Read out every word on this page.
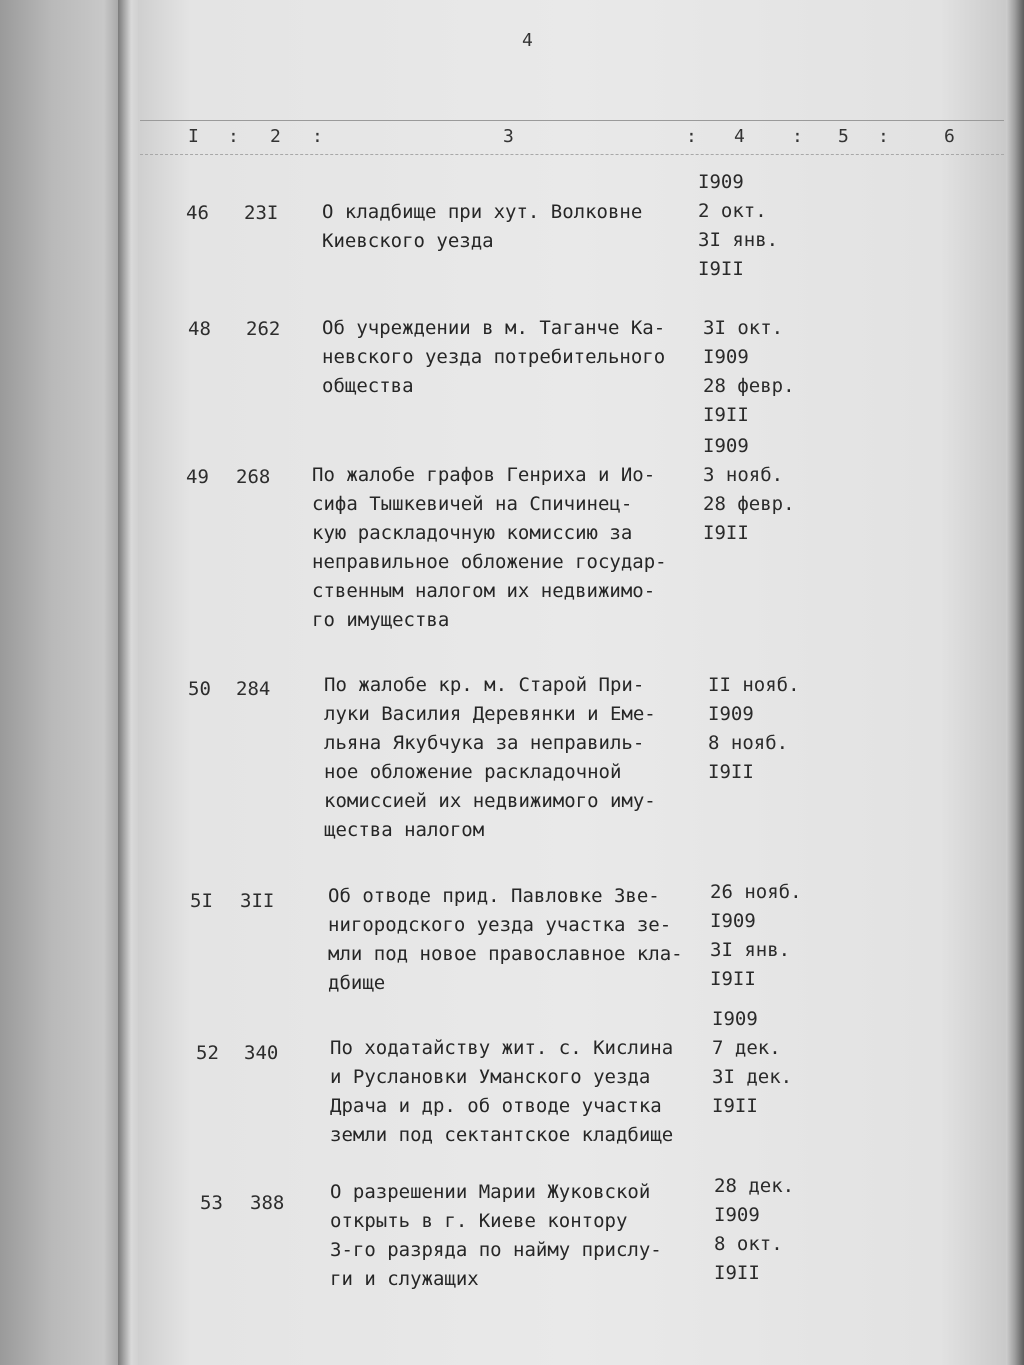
4
I : 2 :	3	: 4	: 5 :	6
46 23I О кладбище при хут. Волковне
Киевского уезда
I909
2 окт.
3I янв.
I9II
48 262 Об учреждении в м. Таганче Ка-
невского уезда потребительного
общества
3I окт.
I909
28 февр.
I9II
49 268 По жалобе графов Генриха и Ио-
сифа Тышкевичей на Спичинец-
кую раскладочную комиссию за
неправильное обложение государ-
ственным налогом их недвижимо-
го имущества
I909
3 нояб.
28 февр.
I9II
50 284	По жалобе кр. м. Старой При-
луки Василия Деревянки и Еме-
льяна Якубчука за неправиль-
ное обложение раскладочной
комиссией их недвижимого иму-
щества налогом
II нояб.
I909
8 нояб.
I9II
5I 3II	Об отводе прид. Павловке Зве-
нигородского уезда участка зе-
мли под новое православное кла-
дбище
26 нояб.
I909
3I янв.
I9II
52 340	По ходатайству жит. с. Кислина
и Руслановки Уманского уезда
Драча и др. об отводе участка
земли под сектантское кладбище
I909
7 дек.
3I дек.
I9II
53 388 О разрешении Марии Жуковской
открыть в г. Киеве контору
3-го разряда по найму прислу-
ги и служащих
28 дек.
I909
8 окт.
I9II
